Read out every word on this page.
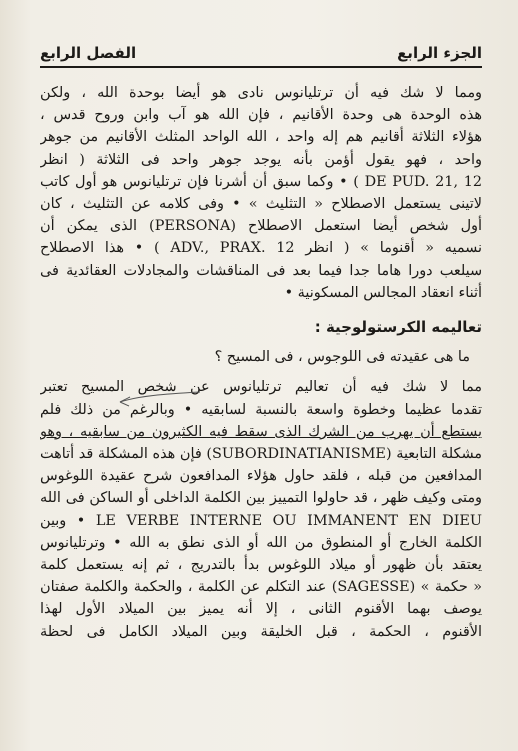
الجزء الرابع
الفصل الرابع

ومما لا شك فيه أن ترتليانوس نادى هو أيضا بوحدة الله ، ولكن
هذه الوحدة هى وحدة الأقانيم ، فإن الله هو آب وابن وروح قدس ،
هؤلاء الثلاثة أقانيم هم إله واحد ، الله الواحد المثلث الأقانيم من جوهر
واحد ، فهو يقول أؤمن بأنه يوجد جوهر واحد فى الثلاثة ( انظر
DE PUD. 21, 12 ) • وكما سبق أن أشرنا فإن ترتليانوس هو أول كاتب
لاتينى يستعمل الاصطلاح « التثليث » • وفى كلامه عن التثليث ، كان
أول شخص أيضا استعمل الاصطلاح (PERSONA) الذى يمكن أن
نسميه « أقنوما » ( انظر ADV., PRAX. 12 ) • هذا الاصطلاح
سيلعب دورا هاما جدا فيما بعد فى المناقشات والمجادلات العقائدية فى
أثناء انعقاد المجالس المسكونية •

تعاليمه الكرستولوجية :

ما هى عقيدته فى اللوجوس ، فى المسيح ؟

مما لا شك فيه أن تعاليم ترتليانوس عن شخص المسيح تعتبر
تقدما عظيما وخطوة واسعة بالنسبة لسابقيه • وبالرغم من ذلك فلم
يستطع أن يهرب من الشرك الذى سقط فيه الكثيرون من سابقيه ، وهو
مشكلة التابعية (SUBORDINATIANISME) فإن هذه المشكلة قد أتاهت
المدافعين من قبله ، فلقد حاول هؤلاء المدافعون شرح عقيدة اللوغوس
ومتى وكيف ظهر ، قد حاولوا التمييز بين الكلمة الداخلى أو الساكن فى الله
LE VERBE INTERNE OU IMMANENT EN DIEU • وبين
الكلمة الخارج أو المنطوق من الله أو الذى نطق به الله • وترتليانوس
يعتقد بأن ظهور أو ميلاد اللوغوس بدأ بالتدريج ، ثم إنه يستعمل كلمة
« حكمة » (SAGESSE) عند التكلم عن الكلمة ، والحكمة والكلمة صفتان
يوصف بهما الأقنوم الثانى ، إلا أنه يميز بين الميلاد الأول لهذا
الأقنوم ، الحكمة ، قبل الخليقة وبين الميلاد الكامل فى لحظة
